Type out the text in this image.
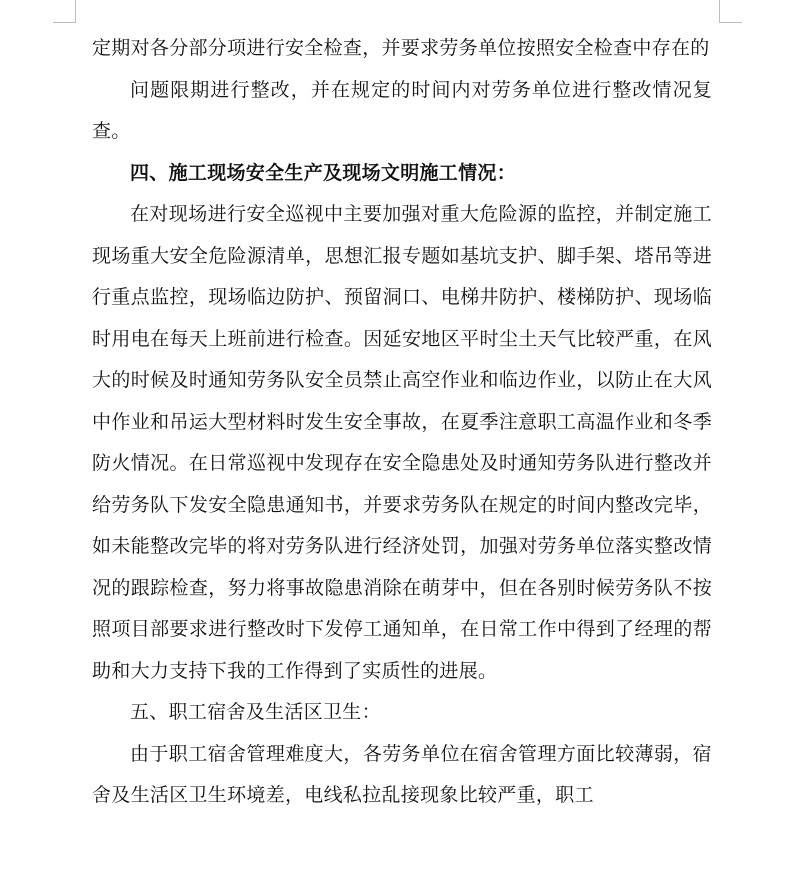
定期对各分部分项进行安全检查，并要求劳务单位按照安全检查中存在的

问题限期进行整改，并在规定的时间内对劳务单位进行整改情况复查。

四、施工现场安全生产及现场文明施工情况：

在对现场进行安全巡视中主要加强对重大危险源的监控，并制定施工现场重大安全危险源清单，思想汇报专题如基坑支护、脚手架、塔吊等进行重点监控，现场临边防护、预留洞口、电梯井防护、楼梯防护、现场临时用电在每天上班前进行检查。因延安地区平时尘土天气比较严重，在风大的时候及时通知劳务队安全员禁止高空作业和临边作业，以防止在大风中作业和吊运大型材料时发生安全事故，在夏季注意职工高温作业和冬季防火情况。在日常巡视中发现存在安全隐患处及时通知劳务队进行整改并给劳务队下发安全隐患通知书，并要求劳务队在规定的时间内整改完毕，如未能整改完毕的将对劳务队进行经济处罚，加强对劳务单位落实整改情况的跟踪检查，努力将事故隐患消除在萌芽中，但在各别时候劳务队不按照项目部要求进行整改时下发停工通知单，在日常工作中得到了经理的帮助和大力支持下我的工作得到了实质性的进展。

五、职工宿舍及生活区卫生：

由于职工宿舍管理难度大，各劳务单位在宿舍管理方面比较薄弱，宿舍及生活区卫生环境差，电线私拉乱接现象比较严重，职工
